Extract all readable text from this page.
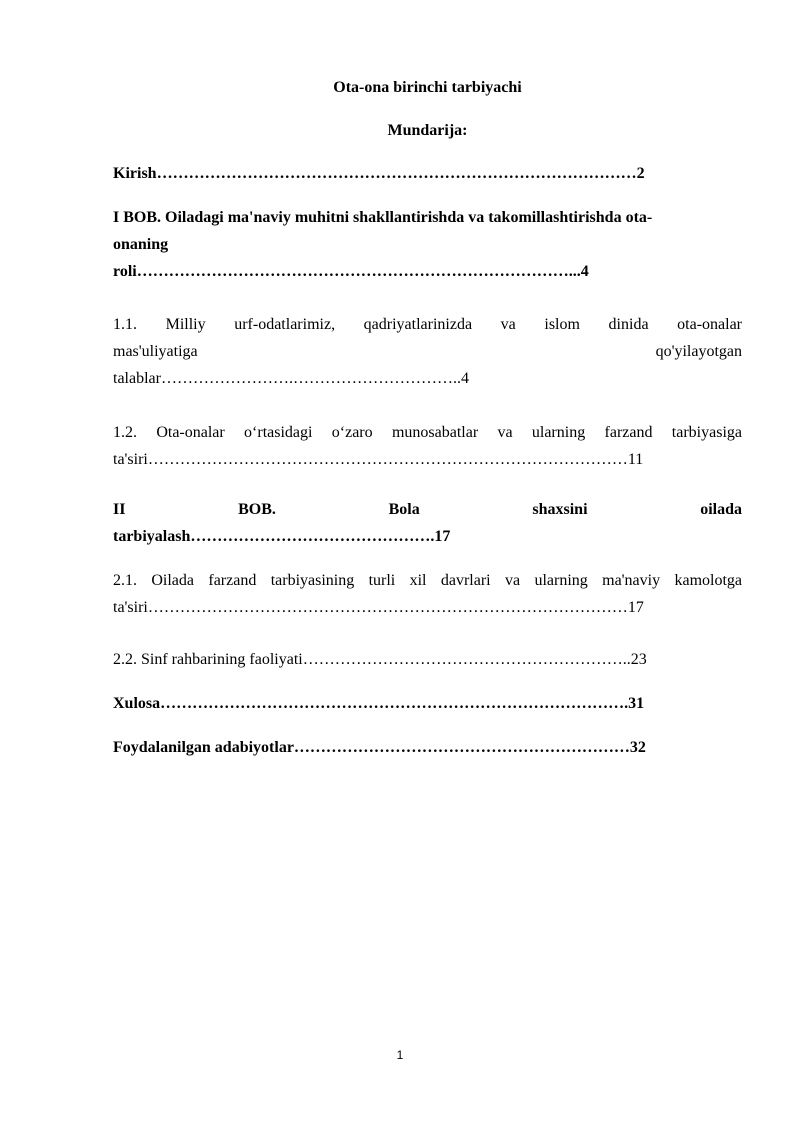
Ota-ona birinchi tarbiyachi
Mundarija:
Kirish………………………………………………………………………………2
I BOB. Oiladagi ma'naviy muhitni shakllantirishda va takomillashtirishda ota-
onaning
roli………………………………………………………………………...4
1.1. Milliy urf-odatlarimiz, qadriyatlarinizda va islom dinida ota-onalar
mas'uliyatiga qo'yilayotgan
talablar…………………….…………………………..4
1.2. Ota-onalar o‘rtasidagi o‘zaro munosabatlar va ularning farzand tarbiyasiga
ta'siri………………………………………………………………………………11
II BOB. Bola shaxsini oilada
tarbiyalash……………………………………….17
2.1. Oilada farzand tarbiyasining turli xil davrlari va ularning ma'naviy kamolotga
ta'siri………………………………………………………………………………17
2.2. Sinf rahbarining faoliyati……………………………………………………..23
Xulosa…………………………………………………………………………….31
Foydalanilgan adabiyotlar………………………………………………………32
1
